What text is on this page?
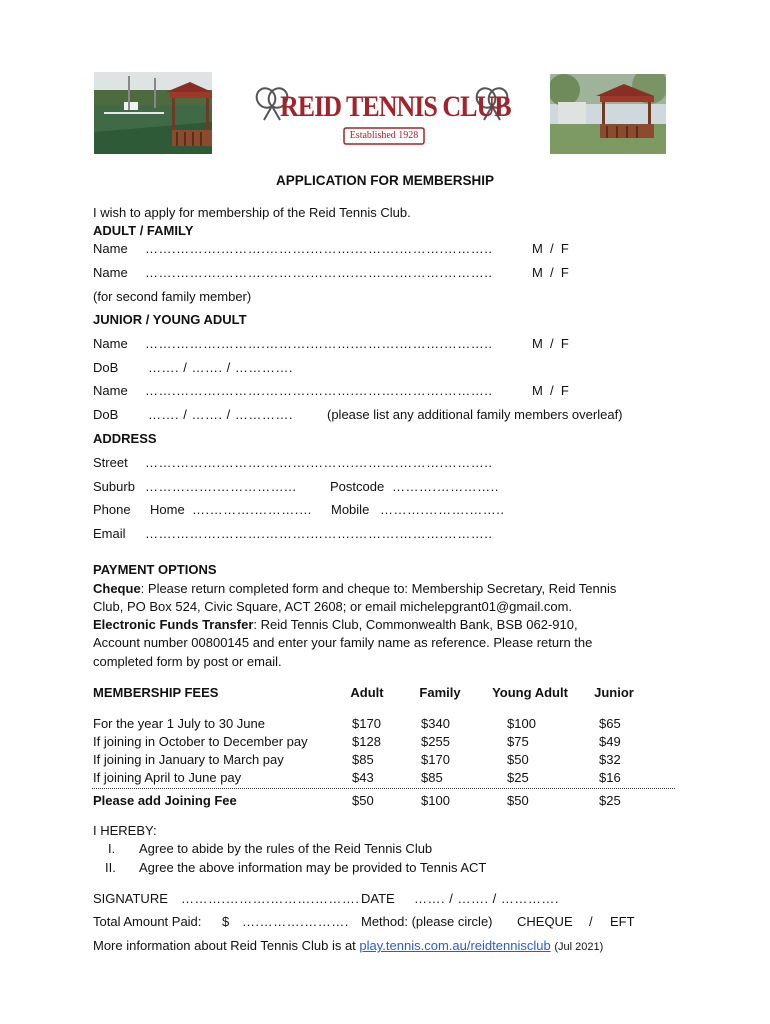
REID TENNIS CLUB
Established 1928
APPLICATION FOR MEMBERSHIP
I wish to apply for membership of the Reid Tennis Club.
ADULT / FAMILY
Name …….……….……….……….……….……….……….………..	M  /  F
Name …….……….……….……….……….……….……….………..	M  /  F
(for second family member)
JUNIOR / YOUNG ADULT
Name …….……….……….……….……….……….……….………..	M  /  F
DoB ……. / ……. / ………….
Name …….……….……….……….……….……….……….………..	M  /  F
DoB ……. / ……. / ………….	(please list any additional family members overleaf)
ADDRESS
Street …….……….……….……….……….……….……….………..
Suburb …………….……………...	Postcode ……….…………..
Phone Home ….……….……….… Mobile ……….……….……..
Email …….……….……….……….……….……….……….………..
PAYMENT OPTIONS
Cheque: Please return completed form and cheque to: Membership Secretary, Reid Tennis
Club, PO Box 524, Civic Square, ACT 2608; or email michelepgrant01@gmail.com.
Electronic Funds Transfer: Reid Tennis Club, Commonwealth Bank, BSB 062-910,
Account number 00800145 and enter your family name as reference. Please return the
completed form by post or email.
MEMBERSHIP FEES	Adult	Family	Young Adult	Junior
For the year 1 July to 30 June	$170	$340	$100	$65
If joining in October to December pay	$128	$255	$75	$49
If joining in January to March pay	$85	$170	$50	$32
If joining April to June pay	$43	$85	$25	$16
Please add Joining Fee	$50	$100	$50	$25
I HEREBY:
I. Agree to abide by the rules of the Reid Tennis Club
II. Agree the above information may be provided to Tennis ACT
SIGNATURE ……….……….……….………. DATE ……. / ……. / ………….
Total Amount Paid: $ ….……….………. Method: (please circle) CHEQUE / EFT
More information about Reid Tennis Club is at play.tennis.com.au/reidtennisclub (Jul 2021)
